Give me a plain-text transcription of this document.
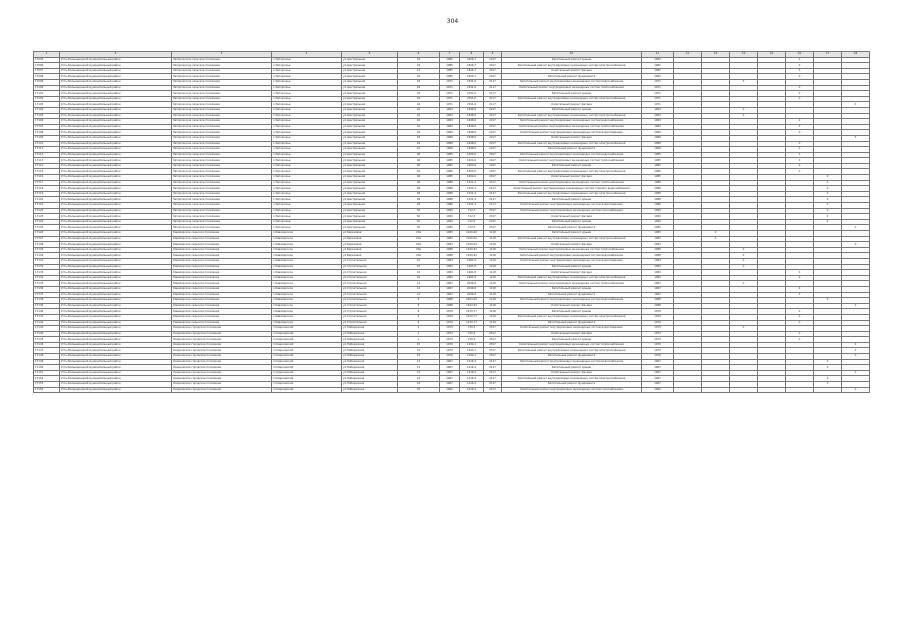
304
1	2	3	4	5	6	7	8	9	10	11	12	13	14	15	16	17	18			
17095	Усть-Большерецкий муниципальный район	Запорожское сельское поселение	с.Запорожье	ул.Центральная	16	1985	1826,7	2417	Капитальный ремонт крыши	1982					X					
17096	Усть-Большерецкий муниципальный район	Запорожское сельское поселение	с.Запорожье	ул.Центральная	16	1985	1826,7	2417	Капитальный ремонт внутридомовых инженерных систем электроснабжения	1982					X					
17097	Усть-Большерецкий муниципальный район	Запорожское сельское поселение	с.Запорожье	ул.Центральная	16	1985	1826,7	2417	Капитальный ремонт фасада	1982					X					
17098	Усть-Большерецкий муниципальный район	Запорожское сельское поселение	с.Запорожье	ул.Центральная	16	1985	1826,7	2417	Капитальный ремонт фундамента	1982					X					
17099	Усть-Большерецкий муниципальный район	Запорожское сельское поселение	с.Запорожье	ул.Центральная	44	1971	2341,6	2117	Капитальный ремонт внутридомовых инженерных систем водоснабжения	1971			X							
17100	Усть-Большерецкий муниципальный район	Запорожское сельское поселение	с.Запорожье	ул.Центральная	44	1971	2341,6	2117	Капитальный ремонт внутридомовых инженерных систем теплоснабжения	1971					X					
17101	Усть-Большерецкий муниципальный район	Запорожское сельское поселение	с.Запорожье	ул.Центральная	44	1971	2341,6	2117	Капитальный ремонт крыши	1971					X					
17102	Усть-Большерецкий муниципальный район	Запорожское сельское поселение	с.Запорожье	ул.Центральная	44	1971	2341,6	2117	Капитальный ремонт внутридомовых инженерных систем электроснабжения	1971					X					
17103	Усть-Большерецкий муниципальный район	Запорожское сельское поселение	с.Запорожье	ул.Центральная	44	1971	2341,6	2117	Капитальный ремонт фасада	1971							X			
17104	Усть-Большерецкий муниципальный район	Запорожское сельское поселение	с.Запорожье	ул.Центральная	42	1964	1848,6	2217	Капитальный ремонт крыши	1964			X							
17105	Усть-Большерецкий муниципальный район	Запорожское сельское поселение	с.Запорожье	ул.Центральная	42	1964	1848,6	2217	Капитальный ремонт внутридомовых инженерных систем электроснабжения	1964			X							
17106	Усть-Большерецкий муниципальный район	Запорожское сельское поселение	с.Запорожье	ул.Центральная	42	1969	1848,6	2217	Капитальный ремонт внутридомовых инженерных систем водоснабжения	1969					X					
17107	Усть-Большерецкий муниципальный район	Запорожское сельское поселение	с.Запорожье	ул.Центральная	42	1969	1848,6	2217	Капитальный ремонт внутридомовых инженерных систем теплоснабжения	1969					X					
17108	Усть-Большерецкий муниципальный район	Запорожское сельское поселение	с.Запорожье	ул.Центральная	42	1969	1848,6	2217	Капитальный ремонт внутридомовых инженерных систем водоотведения	1969					X					
17109	Усть-Большерецкий муниципальный район	Запорожское сельское поселение	с.Запорожье	ул.Центральная	42	1968	1848,6	2217	Капитальный ремонт фасада	1968							X			
17110	Усть-Большерецкий муниципальный район	Запорожское сельское поселение	с.Запорожье	ул.Центральная	42	1968	1848,6	2217	Капитальный ремонт внутридомовых инженерных систем электроснабжения	1968					X					
17111	Усть-Большерецкий муниципальный район	Запорожское сельское поселение	с.Запорожье	ул.Центральная	42	1968	1848,6	2217	Капитальный ремонт фундамента	1968					X					
17112	Усть-Большерецкий муниципальный район	Запорожское сельское поселение	с.Запорожье	ул.Центральная	46	1985	1604,6	2017	Капитальный ремонт внутридомовых инженерных систем водоснабжения	1985					X					
17113	Усть-Большерецкий муниципальный район	Запорожское сельское поселение	с.Запорожье	ул.Центральная	46	1985	1604,6	2017	Капитальный ремонт внутридомовых инженерных систем теплоснабжения	1985					X					
17114	Усть-Большерецкий муниципальный район	Запорожское сельское поселение	с.Запорожье	ул.Центральная	46	1985	1604,6	2017	Капитальный ремонт крыши	1985					X					
17115	Усть-Большерецкий муниципальный район	Запорожское сельское поселение	с.Запорожье	ул.Центральная	46	1985	1604,6	2017	Капитальный ремонт внутридомовых инженерных систем электроснабжения	1985					X					
17116	Усть-Большерецкий муниципальный район	Запорожское сельское поселение	с.Запорожье	ул.Центральная	46	1985	1604,6	2017	Капитальный ремонт фасада	1985						X				
17117	Усть-Большерецкий муниципальный район	Запорожское сельское поселение	с.Запорожье	ул.Центральная	48	1988	1521,4	2117	Капитальный ремонт внутридомовых инженерных систем теплоснабжения	1988						X				
17118	Усть-Большерецкий муниципальный район	Запорожское сельское поселение	с.Запорожье	ул.Центральная	48	1988	1521,4	2117	Капитальный ремонт внутридомовых инженерных систем горячего водоснабжения	1988						X				
17119	Усть-Большерецкий муниципальный район	Запорожское сельское поселение	с.Запорожье	ул.Центральная	48	1988	1521,4	2117	Капитальный ремонт внутридомовых инженерных систем электроснабжения	1988						X				
17120	Усть-Большерецкий муниципальный район	Запорожское сельское поселение	с.Запорожье	ул.Центральная	48	1988	1521,4	2117	Капитальный ремонт крыши	1988						X				
17121	Усть-Большерецкий муниципальный район	Запорожское сельское поселение	с.Запорожье	ул.Центральная	48	1988	1521,4	2117	Капитальный ремонт внутридомовых инженерных систем водоотведения	1988						X				
17122	Усть-Большерецкий муниципальный район	Запорожское сельское поселение	с.Запорожье	ул.Центральная	50	1990	712,3	2317	Капитальный ремонт внутридомовых инженерных систем газоснабжения	1990						X				
17123	Усть-Большерецкий муниципальный район	Запорожское сельское поселение	с.Запорожье	ул.Центральная	50	1990	712,3	2317	Капитальный ремонт фасада	1990						X				
17124	Усть-Большерецкий муниципальный район	Запорожское сельское поселение	с.Запорожье	ул.Центральная	50	1990	712,3	2317	Капитальный ремонт крыши	1990						X				
17125	Усть-Большерецкий муниципальный район	Запорожское сельское поселение	с.Запорожье	ул.Центральная	50	1990	712,3	2317	Капитальный ремонт фундамента	1990							X			
17126	Усть-Большерецкий муниципальный район	Кавалерское сельское поселение	с.Кавалерское	ул.Березовая	20а	1983	1240,42	1118	Капитальный ремонт крыши	1983		X								
17127	Усть-Большерецкий муниципальный район	Кавалерское сельское поселение	с.Кавалерское	ул.Березовая	20а	1983	1240,42	1118	Капитальный ремонт внутридомовых инженерных систем электроснабжения	1983		X								
17128	Усть-Большерецкий муниципальный район	Кавалерское сельское поселение	с.Кавалерское	ул.Березовая	20а	1983	1240,42	1118	Капитальный ремонт фасада	1983							X			
17129	Усть-Большерецкий муниципальный район	Кавалерское сельское поселение	с.Кавалерское	ул.Березовая	20а	1988	1240,42	1118	Капитальный ремонт внутридомовых инженерных систем теплоснабжения	1988			X							
17130	Усть-Большерецкий муниципальный район	Кавалерское сельское поселение	с.Кавалерское	ул.Березовая	20а	1988	1240,42	1118	Капитальный ремонт внутридомовых инженерных систем водоснабжения	1988			X							
17131	Усть-Большерецкий муниципальный район	Кавалерское сельское поселение	с.Кавалерское	ул.Строительная	10	1984	1661,8	1118	Капитальный ремонт внутридомовых инженерных систем водоотведения	1984			X							
17132	Усть-Большерецкий муниципальный район	Кавалерское сельское поселение	с.Кавалерское	ул.Строительная	10	1984	1661,8	1118	Капитальный ремонт крыши	1984			X							
17133	Усть-Большерецкий муниципальный район	Кавалерское сельское поселение	с.Кавалерское	ул.Строительная	10	1984	1661,8	1118	Капитальный ремонт фасада	1984					X					
17134	Усть-Большерецкий муниципальный район	Кавалерское сельское поселение	с.Кавалерское	ул.Строительная	10	1984	1661,8	1118	Капитальный ремонт внутридомовых инженерных систем электроснабжения	1984					X					
17135	Усть-Большерецкий муниципальный район	Кавалерское сельское поселение	с.Кавалерское	ул.Строительная	12	1967	2046,8	1118	Капитальный ремонт внутридомовых инженерных систем теплоснабжения	1967			X							
17136	Усть-Большерецкий муниципальный район	Кавалерское сельское поселение	с.Кавалерское	ул.Строительная	12	1967	2046,8	1118	Капитальный ремонт крыши	1967					X					
17137	Усть-Большерецкий муниципальный район	Кавалерское сельское поселение	с.Кавалерское	ул.Строительная	12	1967	2046,8	1118	Капитальный ремонт фундамента	1967					X					
17138	Усть-Большерецкий муниципальный район	Кавалерское сельское поселение	с.Кавалерское	ул.Строительная	8	1988	1643,45	1118	Капитальный ремонт внутридомовых инженерных систем водоснабжения	1988						X				
17139	Усть-Большерецкий муниципальный район	Кавалерское сельское поселение	с.Кавалерское	ул.Строительная	8	1988	1643,45	1118	Капитальный ремонт фасада	1988							X			
17140	Усть-Большерецкий муниципальный район	Кавалерское сельское поселение	с.Кавалерское	ул.Строительная	6	1979	1470,77	1118	Капитальный ремонт крыши	1979					X					
17141	Усть-Большерецкий муниципальный район	Кавалерское сельское поселение	с.Кавалерское	ул.Строительная	6	1979	1470,77	1118	Капитальный ремонт внутридомовых инженерных систем электроснабжения	1979					X					
17142	Усть-Большерецкий муниципальный район	Кавалерское сельское поселение	с.Кавалерское	ул.Строительная	6	1979	1470,77	1118	Капитальный ремонт фундамента	1979					X					
17143	Усть-Большерецкий муниципальный район	Озерновское городское поселение	п.Озерновский	ул.Набережная	1	1973	730,3	2517	Капитальный ремонт внутридомовых инженерных систем водоотведения	1973			X							
17144	Усть-Большерецкий муниципальный район	Озерновское городское поселение	п.Озерновский	ул.Набережная	1	1973	730,3	2517	Капитальный ремонт фасада	1973					X					
17145	Усть-Большерецкий муниципальный район	Озерновское городское поселение	п.Озерновский	ул.Набережная	1	1973	730,3	2517	Капитальный ремонт крыши	1973					X					
17146	Усть-Большерецкий муниципальный район	Озерновское городское поселение	п.Озерновский	ул.Набережная	15	1970	1294,1	2517	Капитальный ремонт внутридомовых инженерных систем теплоснабжения	1970							X			
17147	Усть-Большерецкий муниципальный район	Озерновское городское поселение	п.Озерновский	ул.Набережная	15	1970	1294,1	2517	Капитальный ремонт внутридомовых инженерных систем электроснабжения	1970							X			
17148	Усть-Большерецкий муниципальный район	Озерновское городское поселение	п.Озерновский	ул.Набережная	15	1970	1294,1	2517	Капитальный ремонт фундамента	1970							X			
17149	Усть-Большерецкий муниципальный район	Озерновское городское поселение	п.Озерновский	ул.Набережная	12	1967	1416,4	2117	Капитальный ремонт внутридомовых инженерных систем водоснабжения	1967						X				
17150	Усть-Большерецкий муниципальный район	Озерновское городское поселение	п.Озерновский	ул.Набережная	12	1967	1416,4	2117	Капитальный ремонт крыши	1967						X				
17151	Усть-Большерецкий муниципальный район	Озерновское городское поселение	п.Озерновский	ул.Набережная	12	1967	1416,4	2117	Капитальный ремонт фасада	1967							X			
17152	Усть-Большерецкий муниципальный район	Озерновское городское поселение	п.Озерновский	ул.Набережная	16	1967	1416,4	2117	Капитальный ремонт внутридомовых инженерных систем электроснабжения	1967						X				
17153	Усть-Большерецкий муниципальный район	Озерновское городское поселение	п.Озерновский	ул.Набережная	16	1967	1416,4	2117	Капитальный ремонт фундамента	1967						X				
17154	Усть-Большерецкий муниципальный район	Озерновское городское поселение	п.Озерновский	ул.Набережная	16	1962	1416,4	2117	Капитальный ремонт внутридомовых инженерных систем газоснабжения	1962							X			
